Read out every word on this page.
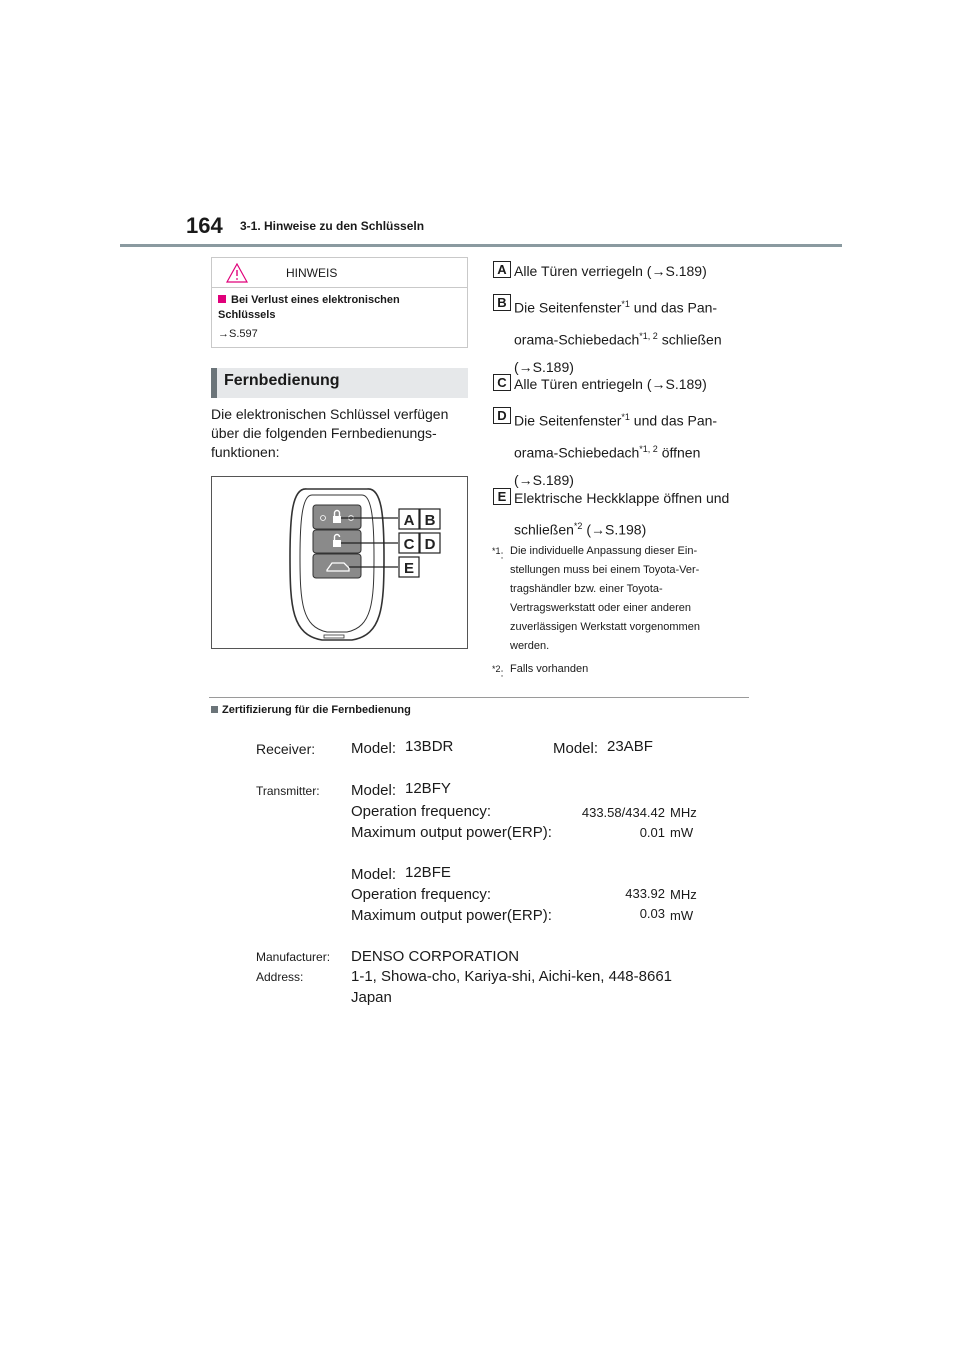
164 3-1. Hinweise zu den Schlüsseln
HINWEIS
Bei Verlust eines elektronischen Schlüssels
→S.597
Fernbedienung
Die elektronischen Schlüssel verfügen
über die folgenden Fernbedienungs-
funktionen:
A B
C D
E
A Alle Türen verriegeln (→S.189)
B Die Seitenfenster$^{*1}$ und das Pan-
orama-Schiebedach$^{*1, 2}$ schließen
(→S.189)
C Alle Türen entriegeln (→S.189)
D Die Seitenfenster$^{*1}$ und das Pan-
orama-Schiebedach$^{*1, 2}$ öffnen
(→S.189)
E Elektrische Heckklappe öffnen und
schließen$^{*2}$ (→S.198)
$^{*1}$: Die individuelle Anpassung dieser Ein-
stellungen muss bei einem Toyota-Ver-
tragshändler bzw. einer Toyota-
Vertragswerkstatt oder einer anderen
zuverlässigen Werkstatt vorgenommen
werden.
$^{*2}$: Falls vorhanden
Zertifizierung für die Fernbedienung
Receiver: Model: 13BDR	Model: 23ABF
Transmitter: Model: 12BFY
Operation frequency:	433.58/434.42 MHz
Maximum output power(ERP):	0.01 mW
Model: 12BFE
Operation frequency:	433.92 MHz
Maximum output power(ERP):	0.03 mW
Manufacturer: DENSO CORPORATION
Address:	1-1, Showa-cho, Kariya-shi, Aichi-ken, 448-8661
Japan
